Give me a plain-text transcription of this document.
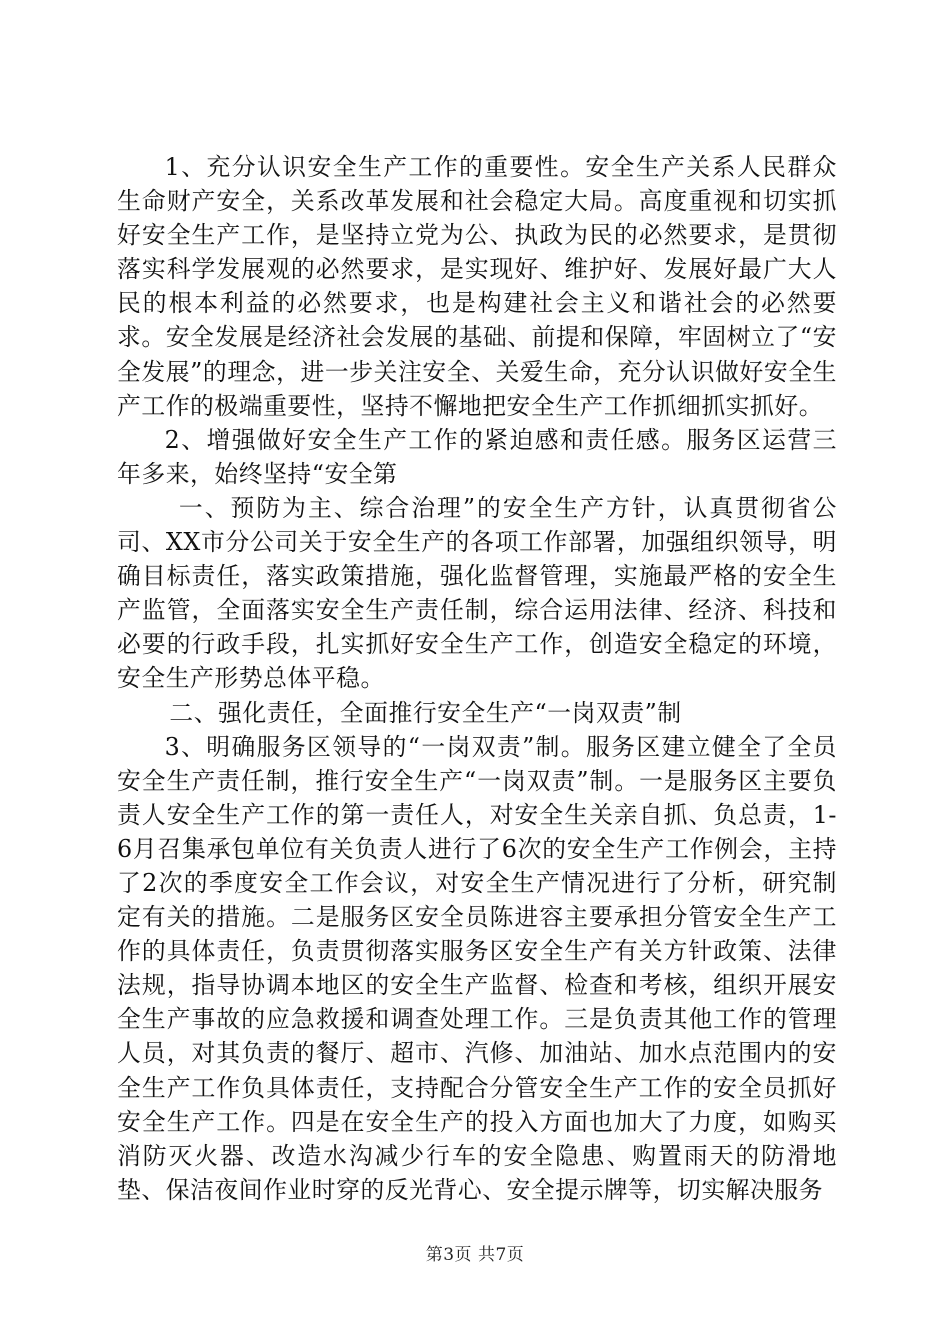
1、充分认识安全生产工作的重要性。安全生产关系人民群众生命财产安全，关系改革发展和社会稳定大局。高度重视和切实抓好安全生产工作，是坚持立党为公、执政为民的必然要求，是贯彻落实科学发展观的必然要求，是实现好、维护好、发展好最广大人民的根本利益的必然要求，也是构建社会主义和谐社会的必然要求。安全发展是经济社会发展的基础、前提和保障，牢固树立了“安全发展”的理念，进一步关注安全、关爱生命，充分认识做好安全生产工作的极端重要性，坚持不懈地把安全生产工作抓细抓实抓好。

2、增强做好安全生产工作的紧迫感和责任感。服务区运营三年多来，始终坚持“安全第

一、预防为主、综合治理”的安全生产方针，认真贯彻省公司、XX市分公司关于安全生产的各项工作部署，加强组织领导，明确目标责任，落实政策措施，强化监督管理，实施最严格的安全生产监管，全面落实安全生产责任制，综合运用法律、经济、科技和必要的行政手段，扎实抓好安全生产工作，创造安全稳定的环境，安全生产形势总体平稳。

二、强化责任，全面推行安全生产“一岗双责”制

3、明确服务区领导的“一岗双责”制。服务区建立健全了全员安全生产责任制，推行安全生产“一岗双责”制。一是服务区主要负责人安全生产工作的第一责任人，对安全生关亲自抓、负总责，1-6月召集承包单位有关负责人进行了6次的安全生产工作例会，主持了2次的季度安全工作会议，对安全生产情况进行了分析，研究制定有关的措施。二是服务区安全员陈进容主要承担分管安全生产工作的具体责任，负责贯彻落实服务区安全生产有关方针政策、法律法规，指导协调本地区的安全生产监督、检查和考核，组织开展安全生产事故的应急救援和调查处理工作。三是负责其他工作的管理人员，对其负责的餐厅、超市、汽修、加油站、加水点范围内的安全生产工作负具体责任，支持配合分管安全生产工作的安全员抓好安全生产工作。四是在安全生产的投入方面也加大了力度，如购买消防灭火器、改造水沟减少行车的安全隐患、购置雨天的防滑地垫、保洁夜间作业时穿的反光背心、安全提示牌等，切实解决服务

第3页 共7页
